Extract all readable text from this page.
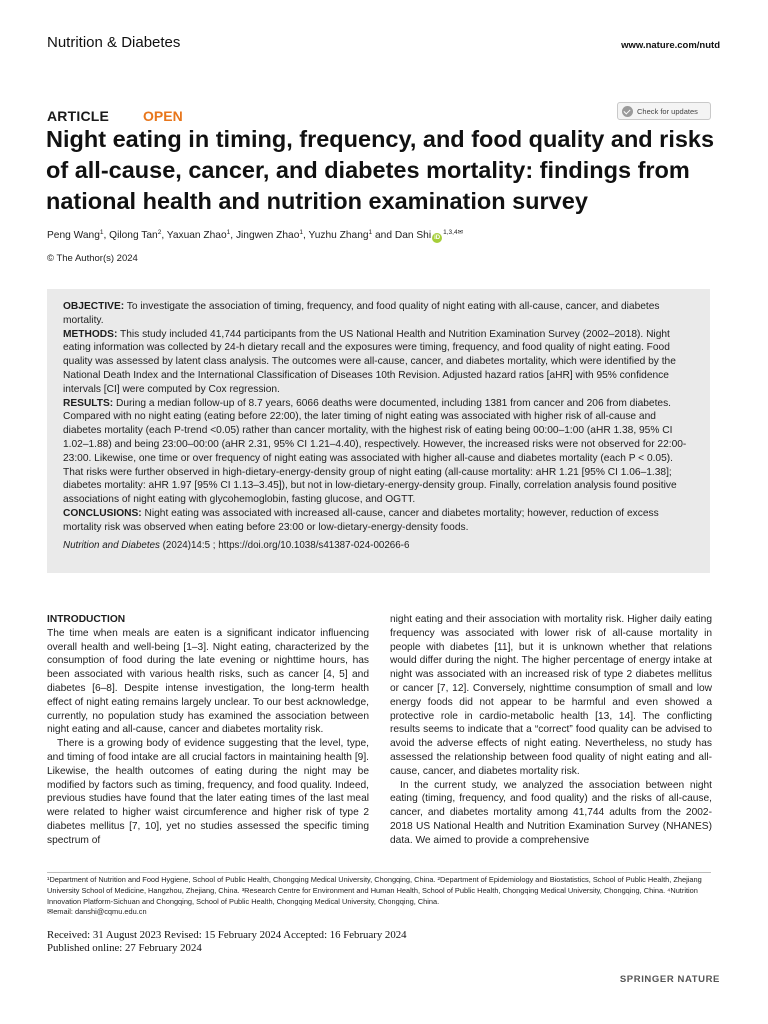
Nutrition & Diabetes	www.nature.com/nutd
ARTICLE OPEN	Check for updates
Night eating in timing, frequency, and food quality and risks of all-cause, cancer, and diabetes mortality: findings from national health and nutrition examination survey
Peng Wang$^1$, Qilong Tan$^2$, Yaxuan Zhao$^1$, Jingwen Zhao$^1$, Yuzhu Zhang$^1$ and Dan Shi $iD^{1,3,4✉}$
© The Author(s) 2024

OBJECTIVE: To investigate the association of timing, frequency, and food quality of night eating with all-cause, cancer, and diabetes mortality.

METHODS: This study included 41,744 participants from the US National Health and Nutrition Examination Survey (2002–2018). Night eating information was collected by 24-h dietary recall and the exposures were timing, frequency, and food quality of night eating. Food quality was assessed by latent class analysis. The outcomes were all-cause, cancer, and diabetes mortality, which were identified by the National Death Index and the International Classification of Diseases 10th Revision. Adjusted hazard ratios [aHR] with 95% confidence intervals [CI] were computed by Cox regression.

RESULTS: During a median follow-up of 8.7 years, 6066 deaths were documented, including 1381 from cancer and 206 from diabetes. Compared with no night eating (eating before 22:00), the later timing of night eating was associated with higher risk of all-cause and diabetes mortality (each P-trend <0.05) rather than cancer mortality, with the highest risk of eating being 00:00–1:00 (aHR 1.38, 95% CI 1.02–1.88) and being 23:00–00:00 (aHR 2.31, 95% CI 1.21–4.40), respectively. However, the increased risks were not observed for 22:00-23:00. Likewise, one time or over frequency of night eating was associated with higher all-cause and diabetes mortality (each P < 0.05). That risks were further observed in high-dietary-energy-density group of night eating (all-cause mortality: aHR 1.21 [95% CI 1.06–1.38]; diabetes mortality: aHR 1.97 [95% CI 1.13–3.45]), but not in low-dietary-energy-density group. Finally, correlation analysis found positive associations of night eating with glycohemoglobin, fasting glucose, and OGTT.

CONCLUSIONS: Night eating was associated with increased all-cause, cancer and diabetes mortality; however, reduction of excess mortality risk was observed when eating before 23:00 or low-dietary-energy-density foods.

Nutrition and Diabetes (2024)14:5 ; https://doi.org/10.1038/s41387-024-00266-6

INTRODUCTION

The time when meals are eaten is a significant indicator influencing overall health and well-being [1–3]. Night eating, characterized by the consumption of food during the late evening or nighttime hours, has been associated with various health risks, such as cancer [4, 5] and diabetes [6–8]. Despite intense investigation, the long-term health effect of night eating remains largely unclear. To our best acknowledge, currently, no population study has examined the association between night eating and all-cause, cancer and diabetes mortality risk.

There is a growing body of evidence suggesting that the level, type, and timing of food intake are all crucial factors in maintaining health [9]. Likewise, the health outcomes of eating during the night may be modified by factors such as timing, frequency, and food quality. Indeed, previous studies have found that the later eating times of the last meal were related to higher waist circumference and higher risk of type 2 diabetes mellitus [7, 10], yet no studies assessed the specific timing spectrum of

night eating and their association with mortality risk. Higher daily eating frequency was associated with lower risk of all-cause mortality in people with diabetes [11], but it is unknown whether that relations would differ during the night. The higher percentage of energy intake at night was associated with an increased risk of type 2 diabetes mellitus or cancer [7, 12]. Conversely, nighttime consumption of small and low energy foods did not appear to be harmful and even showed a protective role in cardio-metabolic health [13, 14]. The conflicting results seems to indicate that a “correct” food quality can be advised to avoid the adverse effects of night eating. Nevertheless, no study has assessed the relationship between food quality of night eating and all-cause, cancer, and diabetes mortality risk.

In the current study, we analyzed the association between night eating (timing, frequency, and food quality) and the risks of all-cause, cancer, and diabetes mortality among 41,744 adults from the 2002-2018 US National Health and Nutrition Examination Survey (NHANES) data. We aimed to provide a comprehensive

¹Department of Nutrition and Food Hygiene, School of Public Health, Chongqing Medical University, Chongqing, China. ²Department of Epidemiology and Biostatistics, School of Public Health, Zhejiang University School of Medicine, Hangzhou, Zhejiang, China. ³Research Centre for Environment and Human Health, School of Public Health, Chongqing Medical University, Chongqing, China. ⁴Nutrition Innovation Platform-Sichuan and Chongqing, School of Public Health, Chongqing Medical University, Chongqing, China.
✉email: danshi@cqmu.edu.cn
Received: 31 August 2023 Revised: 15 February 2024 Accepted: 16 February 2024
Published online: 27 February 2024
SPRINGER NATURE
